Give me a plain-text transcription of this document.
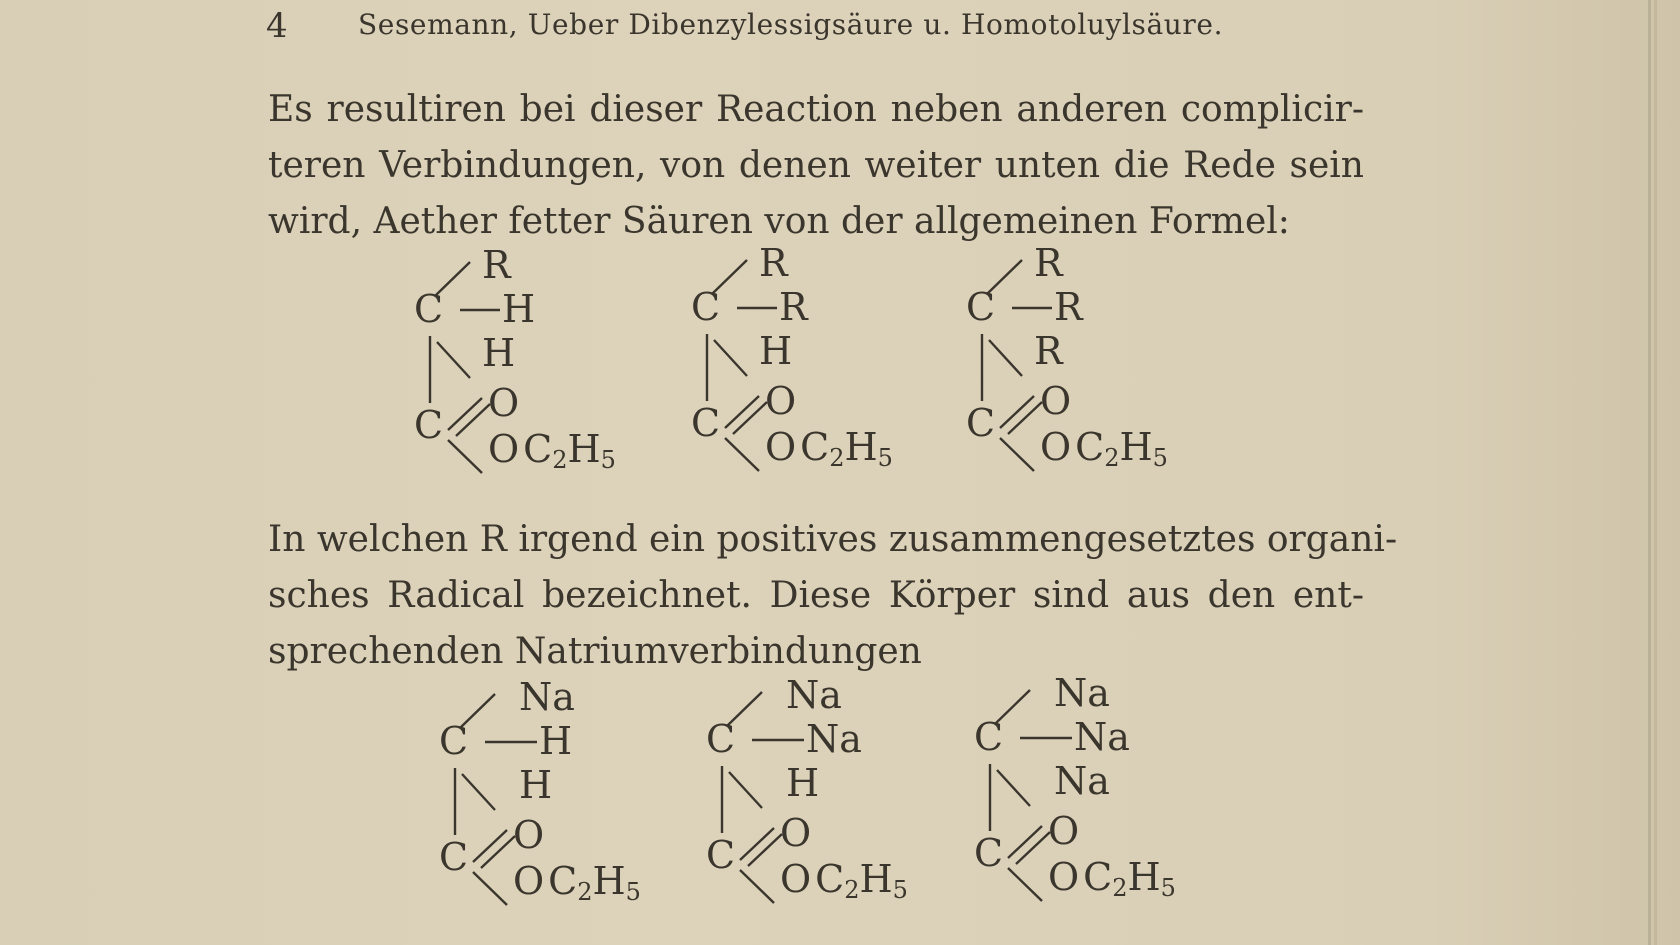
4	Sesemann, Ueber Dibenzylessigsäure u. Homotoluylsäure.
Es resultiren bei dieser Reaction neben anderen complicir-
teren Verbindungen, von denen weiter unten die Rede sein
wird, Aether fetter Säuren von der allgemeinen Formel:
C
R
H
H
C O
O $C_2H_5$
C
R
R
H
C O
O $C_2H_5$
C
R
R
R
C O
O $C_2H_5$
In welchen R irgend ein positives zusammengesetztes organi-
sches Radical bezeichnet. Diese Körper sind aus den ent-
sprechenden Natriumverbindungen
C
Na
H
H
C O
O $C_2H_5$
C
Na
Na
H
C O
O $C_2H_5$
C
Na
Na
Na
C O
O $C_2H_5$
